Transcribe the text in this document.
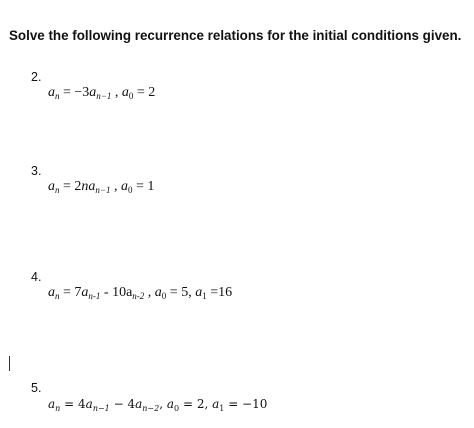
Solve the following recurrence relations for the initial conditions given.
2.
$a_n = -3a_{n-1}$ , $a_0 = 2$
3.
$a_n = 2na_{n-1}$ , $a_0 = 1$
4.
$a_n = 7a_{n-1} - 10a_{n-2}$ , $a_0 = 5$, $a_1 =16$
5.
$a_n = 4a_{n-1} - 4a_{n-2}$, $a_0 = 2$, $a_1 = -10$
